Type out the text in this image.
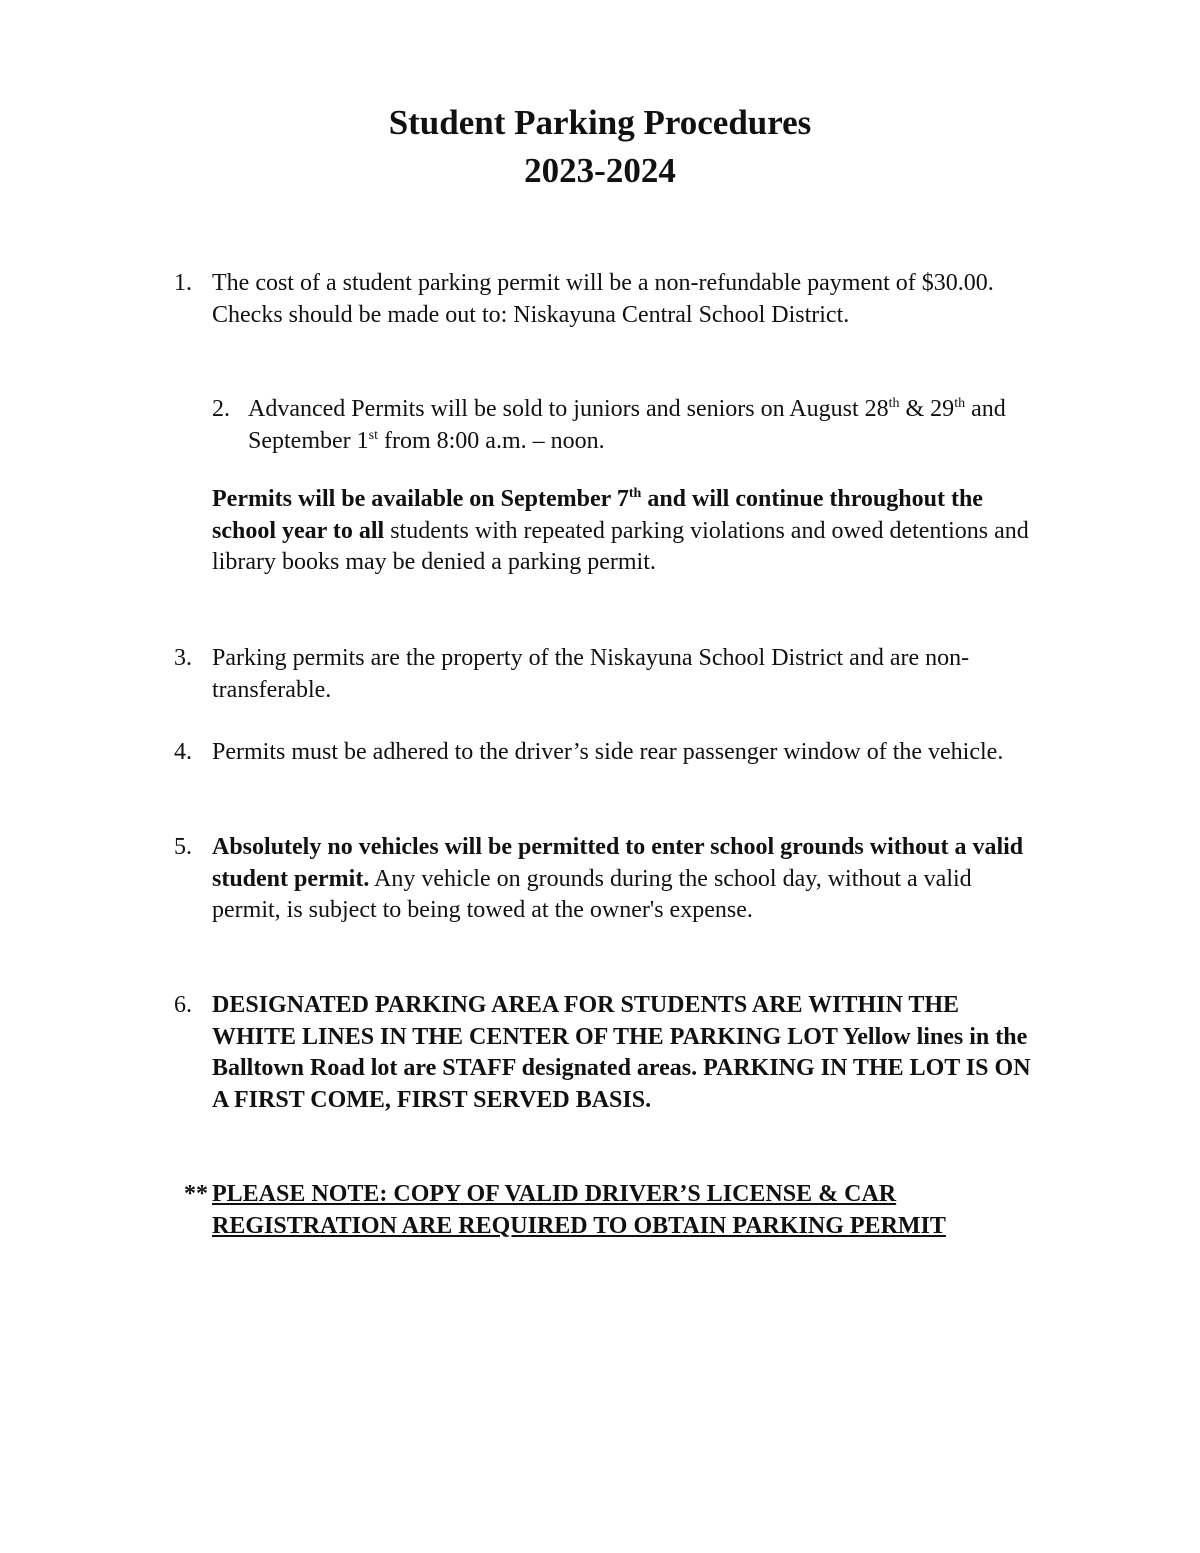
Student Parking Procedures
2023-2024
1. The cost of a student parking permit will be a non-refundable payment of $30.00. Checks should be made out to: Niskayuna Central School District.

2. Advanced Permits will be sold to juniors and seniors on August 28th & 29th and September 1st from 8:00 a.m. – noon.

Permits will be available on September 7th and will continue throughout the school year to all students with repeated parking violations and owed detentions and library books may be denied a parking permit.

3. Parking permits are the property of the Niskayuna School District and are non-transferable.

4. Permits must be adhered to the driver’s side rear passenger window of the vehicle.

5. Absolutely no vehicles will be permitted to enter school grounds without a valid student permit. Any vehicle on grounds during the school day, without a valid permit, is subject to being towed at the owner's expense.

6. DESIGNATED PARKING AREA FOR STUDENTS ARE WITHIN THE WHITE LINES IN THE CENTER OF THE PARKING LOT Yellow lines in the Balltown Road lot are STAFF designated areas. PARKING IN THE LOT IS ON A FIRST COME, FIRST SERVED BASIS.

** PLEASE NOTE: COPY OF VALID DRIVER’S LICENSE & CAR REGISTRATION ARE REQUIRED TO OBTAIN PARKING PERMIT
